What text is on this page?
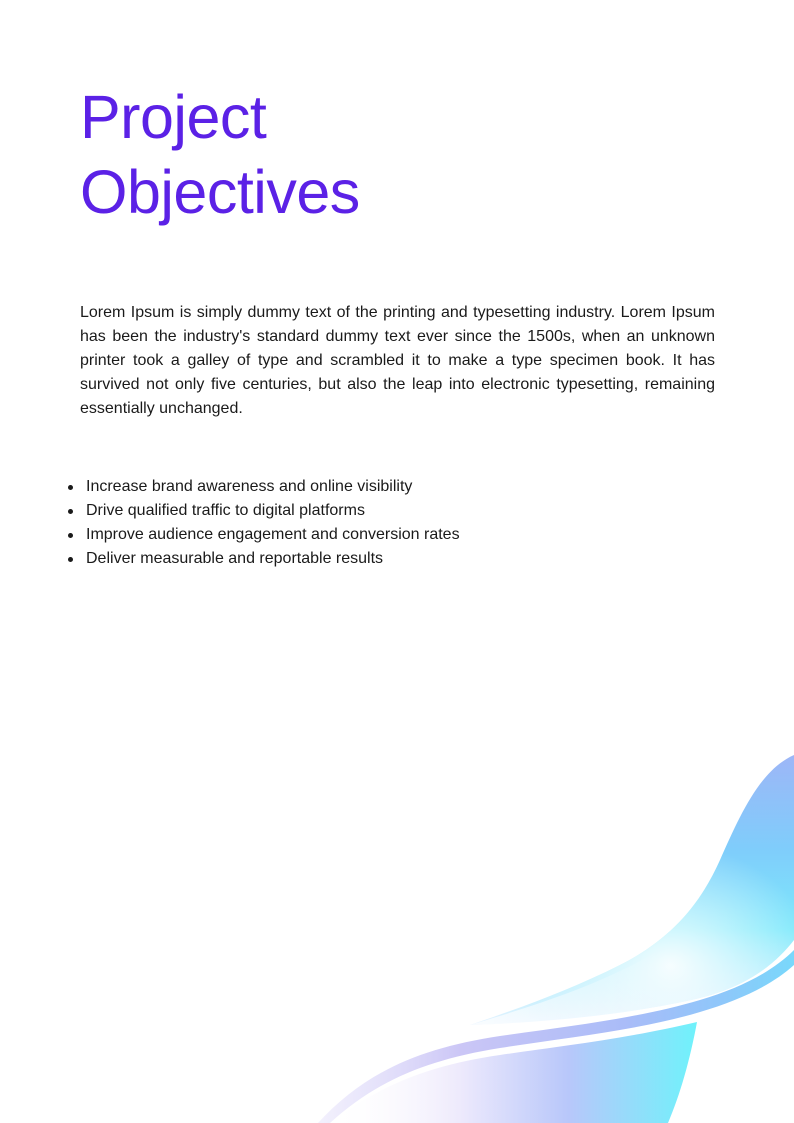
Project
Objectives

Lorem Ipsum is simply dummy text of the printing and typesetting industry. Lorem Ipsum has been the industry's standard dummy text ever since the 1500s, when an unknown printer took a galley of type and scrambled it to make a type specimen book. It has survived not only five centuries, but also the leap into electronic typesetting, remaining essentially unchanged.

Increase brand awareness and online visibility
Drive qualified traffic to digital platforms
Improve audience engagement and conversion rates
Deliver measurable and reportable results
